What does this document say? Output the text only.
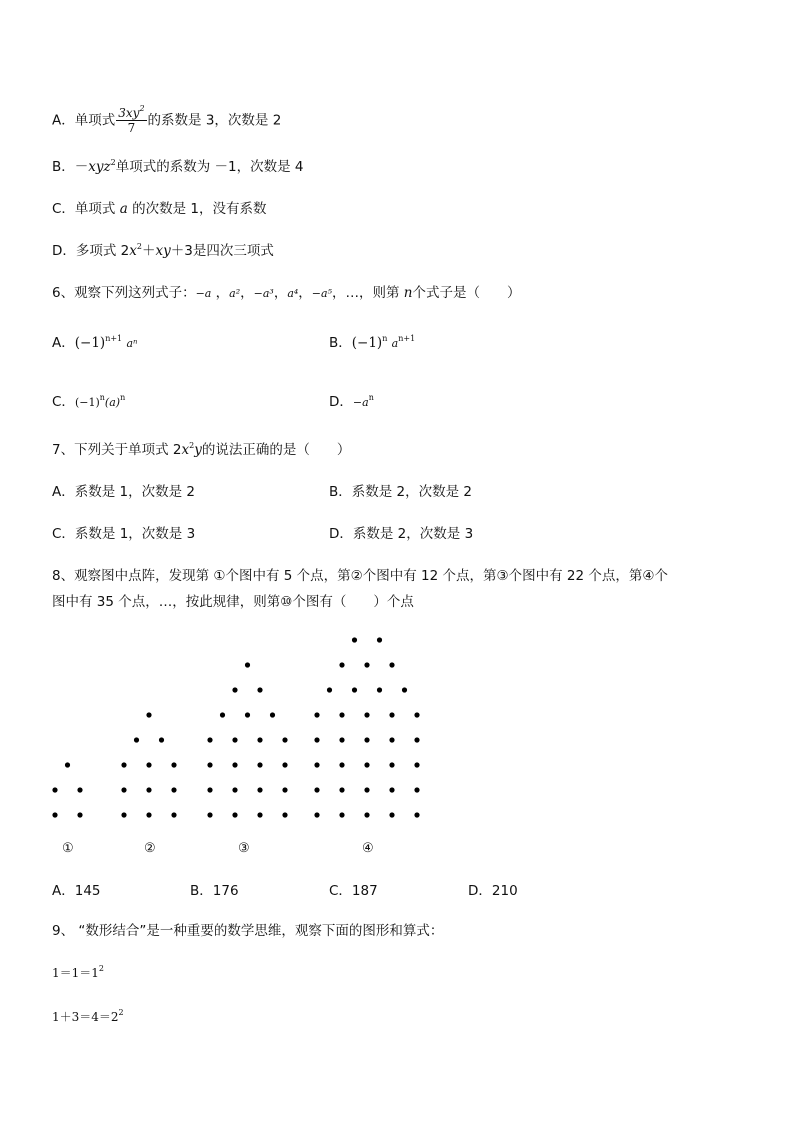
A．单项式 $\frac{3xy^2}{7}$ 的系数是 3，次数是 2
B．－xyz$^2$单项式的系数为 －1，次数是 4
C．单项式 a 的次数是 1，没有系数
D．多项式 $2x^2+xy+3$是四次三项式
6、观察下列这列式子：−a ，a²，−a³，a⁴，−a⁵，…，则第 n个式子是（　　）
A．$(-1)^{n+1}$ aⁿ	B．$(-1)^n$ $a^{n+1}$
C．$(-1)^n(a)^n$	D．$-a^n$
7、下列关于单项式 $2x^2y$的说法正确的是（　　）
A．系数是 1，次数是 2	B．系数是 2，次数是 2
C．系数是 1，次数是 3	D．系数是 2，次数是 3
8、观察图中点阵，发现第 ①个图中有 5 个点，第②个图中有 12 个点，第③个图中有 22 个点，第④个
图中有 35 个点，…，按此规律，则第⑩个图有（　　）个点
①	②	③	④
A．145	B．176	C．187	D．210
9、 “数形结合”是一种重要的数学思维，观察下面的图形和算式：
$1=1=1^2$
$1+3=4=2^2$
